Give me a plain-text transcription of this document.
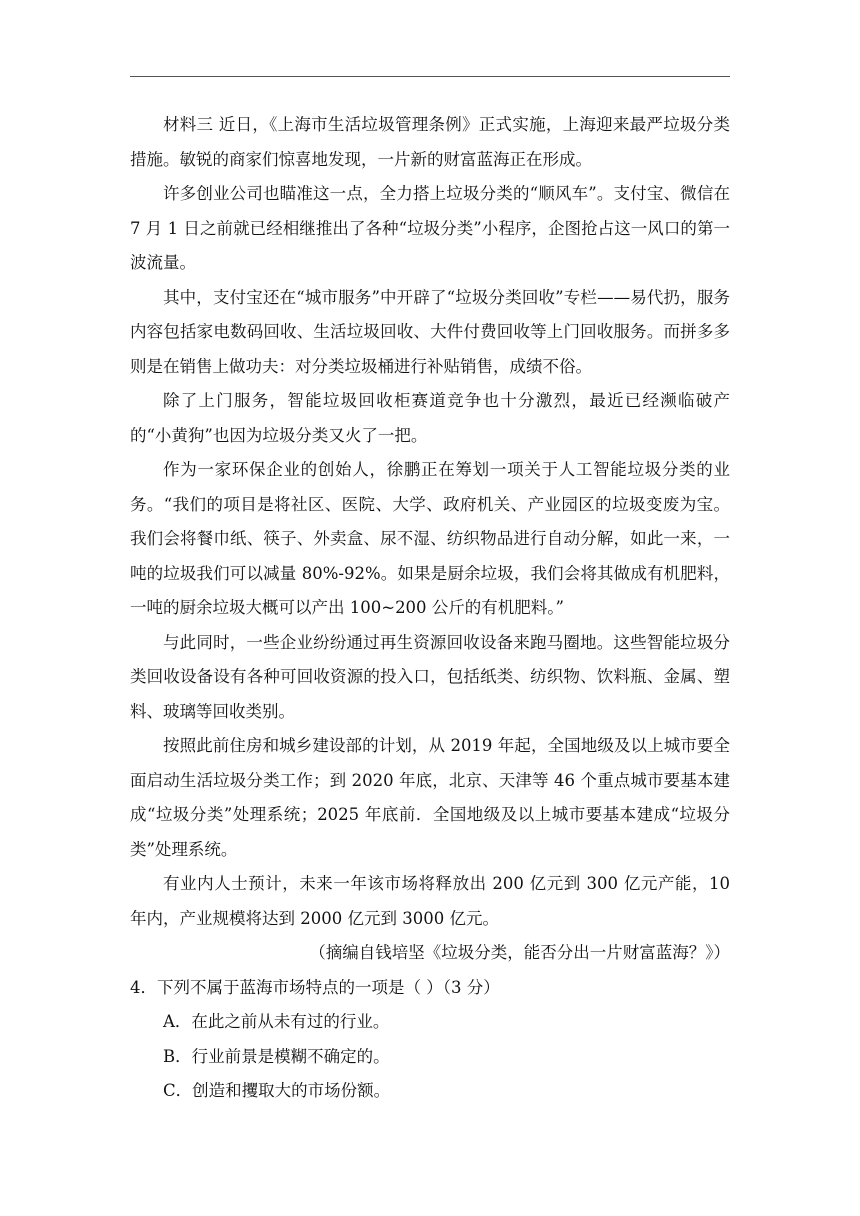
材料三 近日，《上海市生活垃圾管理条例》正式实施，上海迎来最严垃圾分类措施。敏锐的商家们惊喜地发现，一片新的财富蓝海正在形成。

许多创业公司也瞄准这一点，全力搭上垃圾分类的“顺风车”。支付宝、微信在 7 月 1 日之前就已经相继推出了各种“垃圾分类”小程序，企图抢占这一风口的第一波流量。

其中，支付宝还在“城市服务”中开辟了“垃圾分类回收”专栏——易代扔，服务内容包括家电数码回收、生活垃圾回收、大件付费回收等上门回收服务。而拼多多则是在销售上做功夫：对分类垃圾桶进行补贴销售，成绩不俗。

除了上门服务，智能垃圾回收柜赛道竞争也十分激烈，最近已经濒临破产的“小黄狗”也因为垃圾分类又火了一把。

作为一家环保企业的创始人，徐鹏正在筹划一项关于人工智能垃圾分类的业务。“我们的项目是将社区、医院、大学、政府机关、产业园区的垃圾变废为宝。我们会将餐巾纸、筷子、外卖盒、尿不湿、纺织物品进行自动分解，如此一来，一吨的垃圾我们可以减量 80%-92%。如果是厨余垃圾，我们会将其做成有机肥料，一吨的厨余垃圾大概可以产出 100~200 公斤的有机肥料。”

与此同时，一些企业纷纷通过再生资源回收设备来跑马圈地。这些智能垃圾分类回收设备设有各种可回收资源的投入口，包括纸类、纺织物、饮料瓶、金属、塑料、玻璃等回收类别。

按照此前住房和城乡建设部的计划，从 2019 年起，全国地级及以上城市要全面启动生活垃圾分类工作；到 2020 年底，北京、天津等 46 个重点城市要基本建成“垃圾分类”处理系统；2025 年底前．全国地级及以上城市要基本建成“垃圾分类”处理系统。

有业内人士预计，未来一年该市场将释放出 200 亿元到 300 亿元产能，10 年内，产业规模将达到 2000 亿元到 3000 亿元。

（摘编自钱培坚《垃圾分类，能否分出一片财富蓝海？》）
4．下列不属于蓝海市场特点的一项是（ ）（3 分）
A．在此之前从未有过的行业。
B．行业前景是模糊不确定的。
C．创造和攫取大的市场份额。
